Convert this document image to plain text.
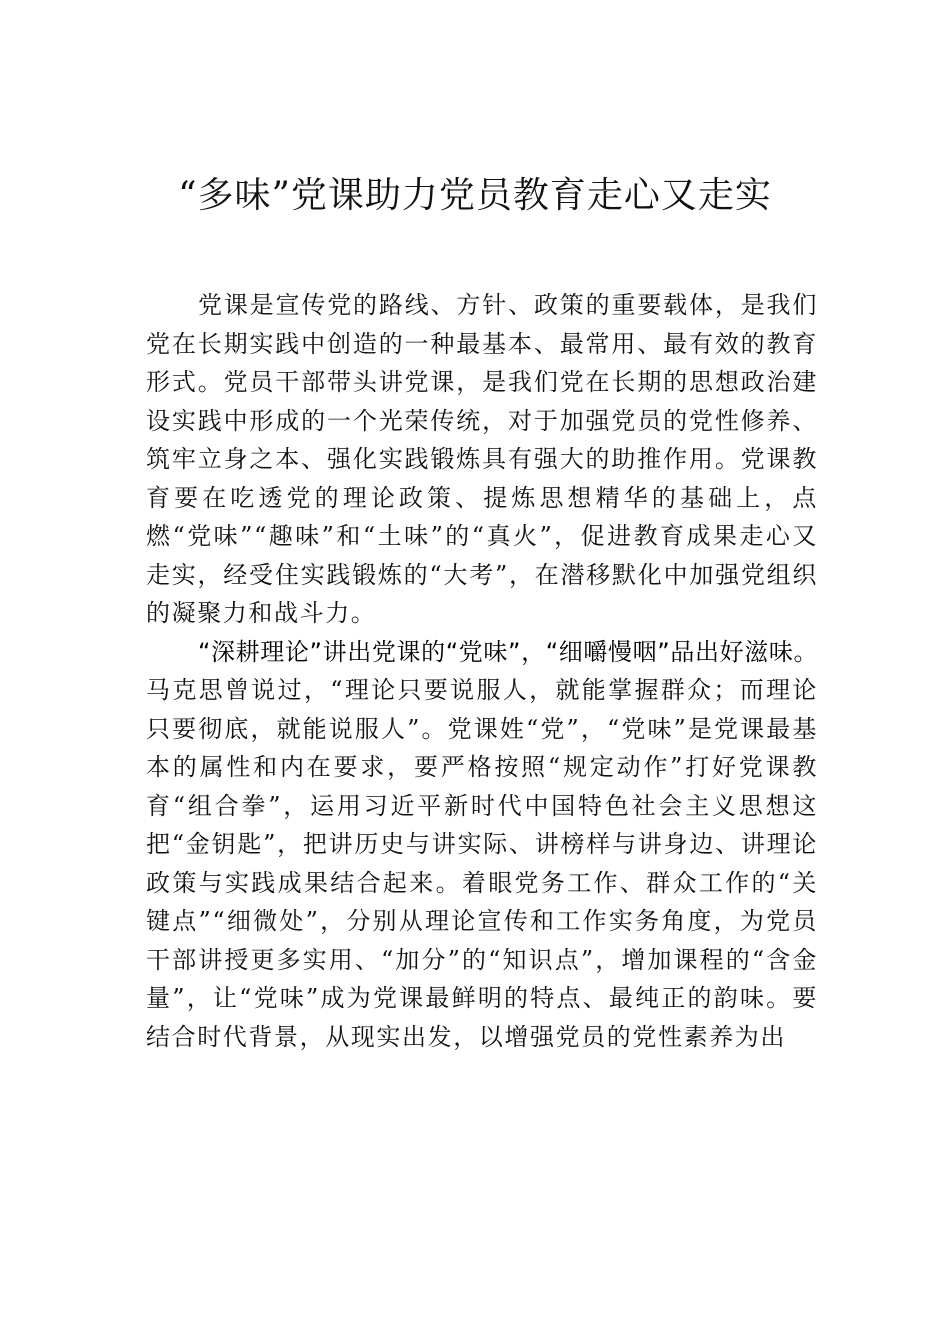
“多味”党课助力党员教育走心又走实

党课是宣传党的路线、方针、政策的重要载体，是我们党在长期实践中创造的一种最基本、最常用、最有效的教育形式。党员干部带头讲党课，是我们党在长期的思想政治建设实践中形成的一个光荣传统，对于加强党员的党性修养、 筑牢立身之本、强化实践锻炼具有强大的助推作用。党课教育要在吃透党的理论政策、提炼思想精华的基础上，点燃“党味”“趣味”和“土味”的“真火”，促进教育成果走心又走实，经受住实践锻炼的“大考”，在潜移默化中加强党组织的凝聚力和战斗力。

“深耕理论”讲出党课的“党味”，“细嚼慢咽”品出好滋味。马克思曾说过，“理论只要说服人，就能掌握群众；而理论只要彻底，就能说服人”。党课姓“党”，“党味”是党课最基本的属性和内在要求，要严格按照“规定动作”打好党课教育“组合拳”，运用习近平新时代中国特色社会主义思想这把“金钥匙”，把讲历史与讲实际、讲榜样与讲身边、讲理论政策与实践成果结合起来。着眼党务工作、群众工作的“关键点”“细微处”，分别从理论宣传和工作实务角度，为党员干部讲授更多实用、“加分”的“知识点”，增加课程的“含金量”，让“党味”成为党课最鲜明的特点、最纯正的韵味。要结合时代背景，从现实出发，以增强党员的党性素养为出
